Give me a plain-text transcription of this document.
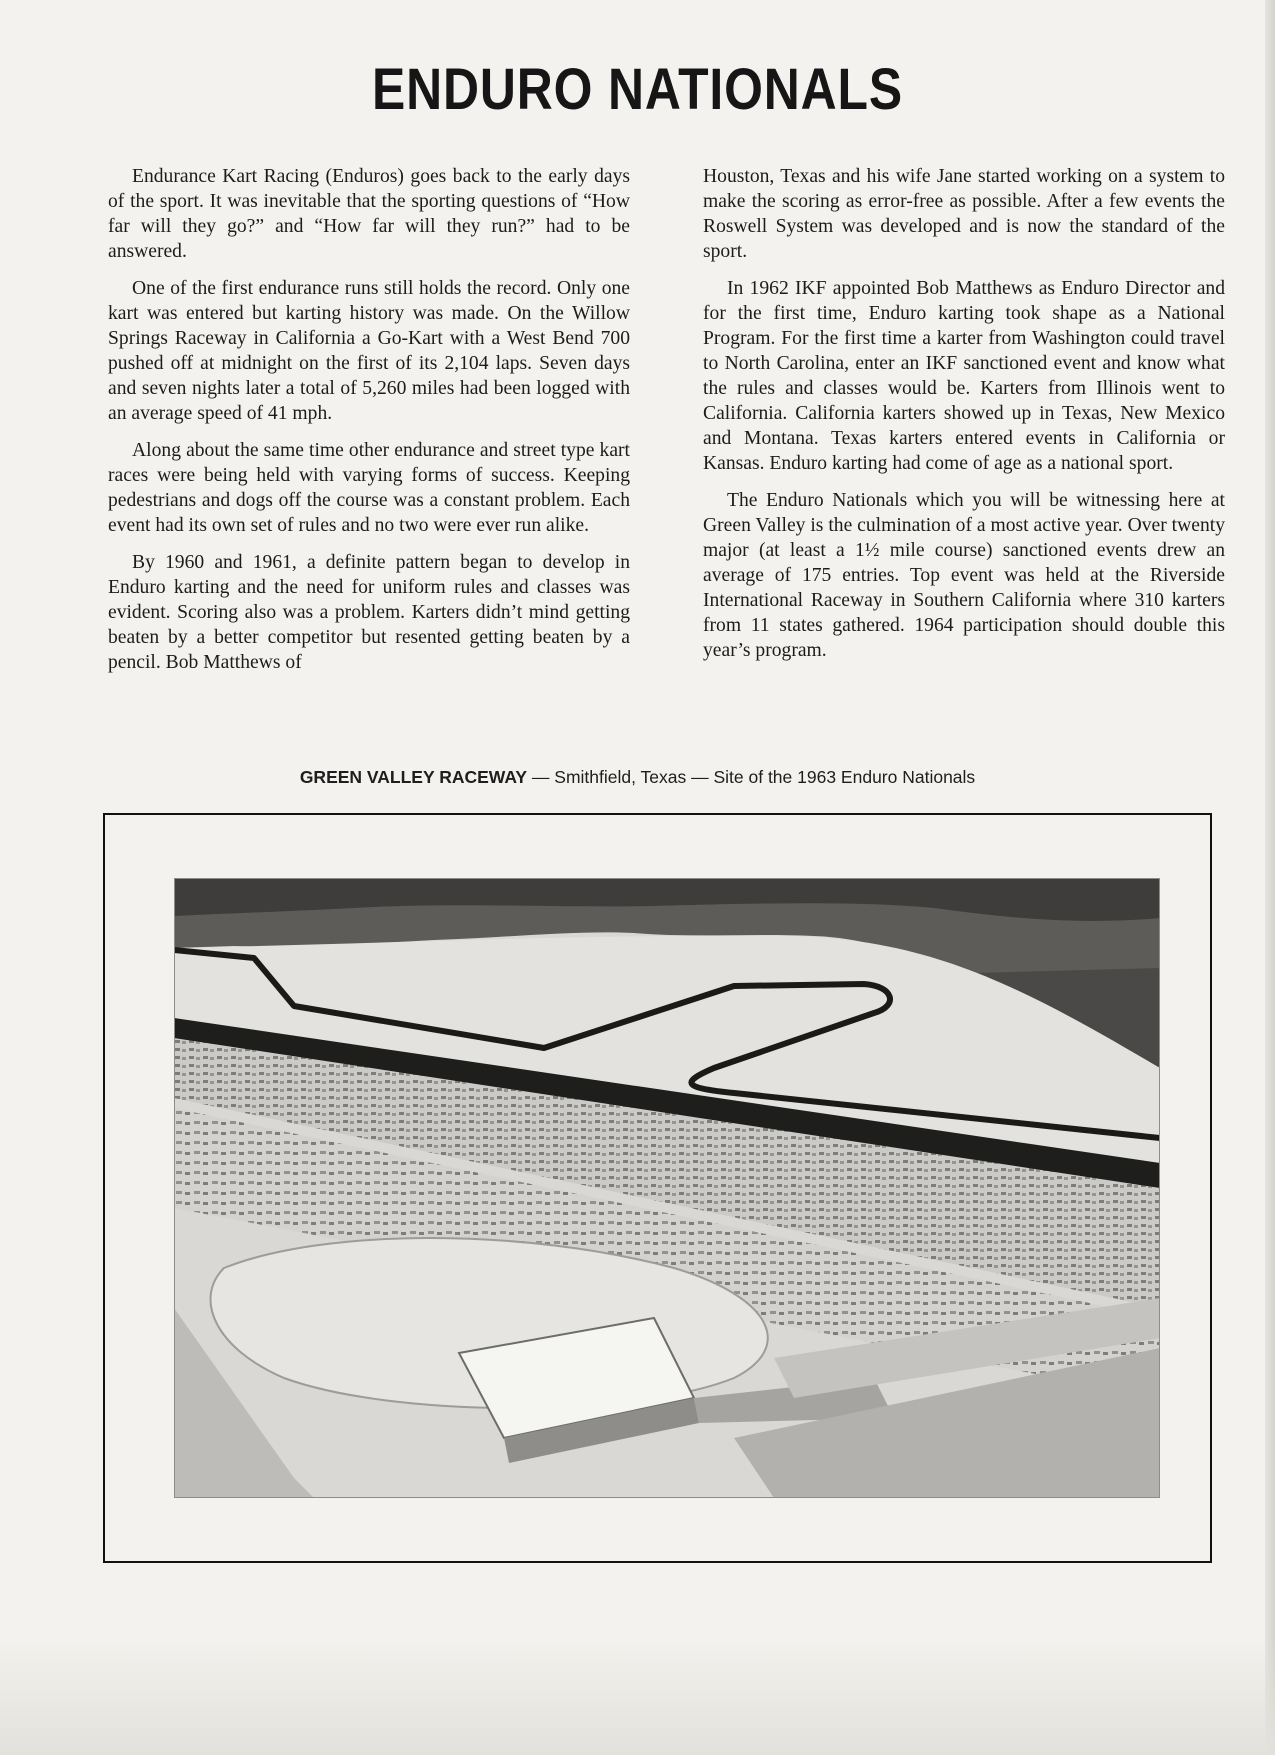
ENDURO NATIONALS

Endurance Kart Racing (Enduros) goes back to the early days of the sport. It was inevitable that the sporting questions of “How far will they go?” and “How far will they run?” had to be answered.

One of the first endurance runs still holds the record. Only one kart was entered but karting history was made. On the Willow Springs Raceway in California a Go-Kart with a West Bend 700 pushed off at midnight on the first of its 2,104 laps. Seven days and seven nights later a total of 5,260 miles had been logged with an average speed of 41 mph.

Along about the same time other endurance and street type kart races were being held with varying forms of success. Keeping pedestrians and dogs off the course was a constant problem. Each event had its own set of rules and no two were ever run alike.

By 1960 and 1961, a definite pattern began to develop in Enduro karting and the need for uniform rules and classes was evident. Scoring also was a problem. Karters didn’t mind getting beaten by a better competitor but resented getting beaten by a pencil. Bob Matthews of

Houston, Texas and his wife Jane started working on a system to make the scoring as error-free as possible. After a few events the Roswell System was developed and is now the standard of the sport.

In 1962 IKF appointed Bob Matthews as Enduro Director and for the first time, Enduro karting took shape as a National Program. For the first time a karter from Washington could travel to North Carolina, enter an IKF sanctioned event and know what the rules and classes would be. Karters from Illinois went to California. California karters showed up in Texas, New Mexico and Montana. Texas karters entered events in California or Kansas. Enduro karting had come of age as a national sport.

The Enduro Nationals which you will be witnessing here at Green Valley is the culmination of a most active year. Over twenty major (at least a 1½ mile course) sanctioned events drew an average of 175 entries. Top event was held at the Riverside International Raceway in Southern California where 310 karters from 11 states gathered. 1964 participation should double this year’s program.

GREEN VALLEY RACEWAY — Smithfield, Texas — Site of the 1963 Enduro Nationals
